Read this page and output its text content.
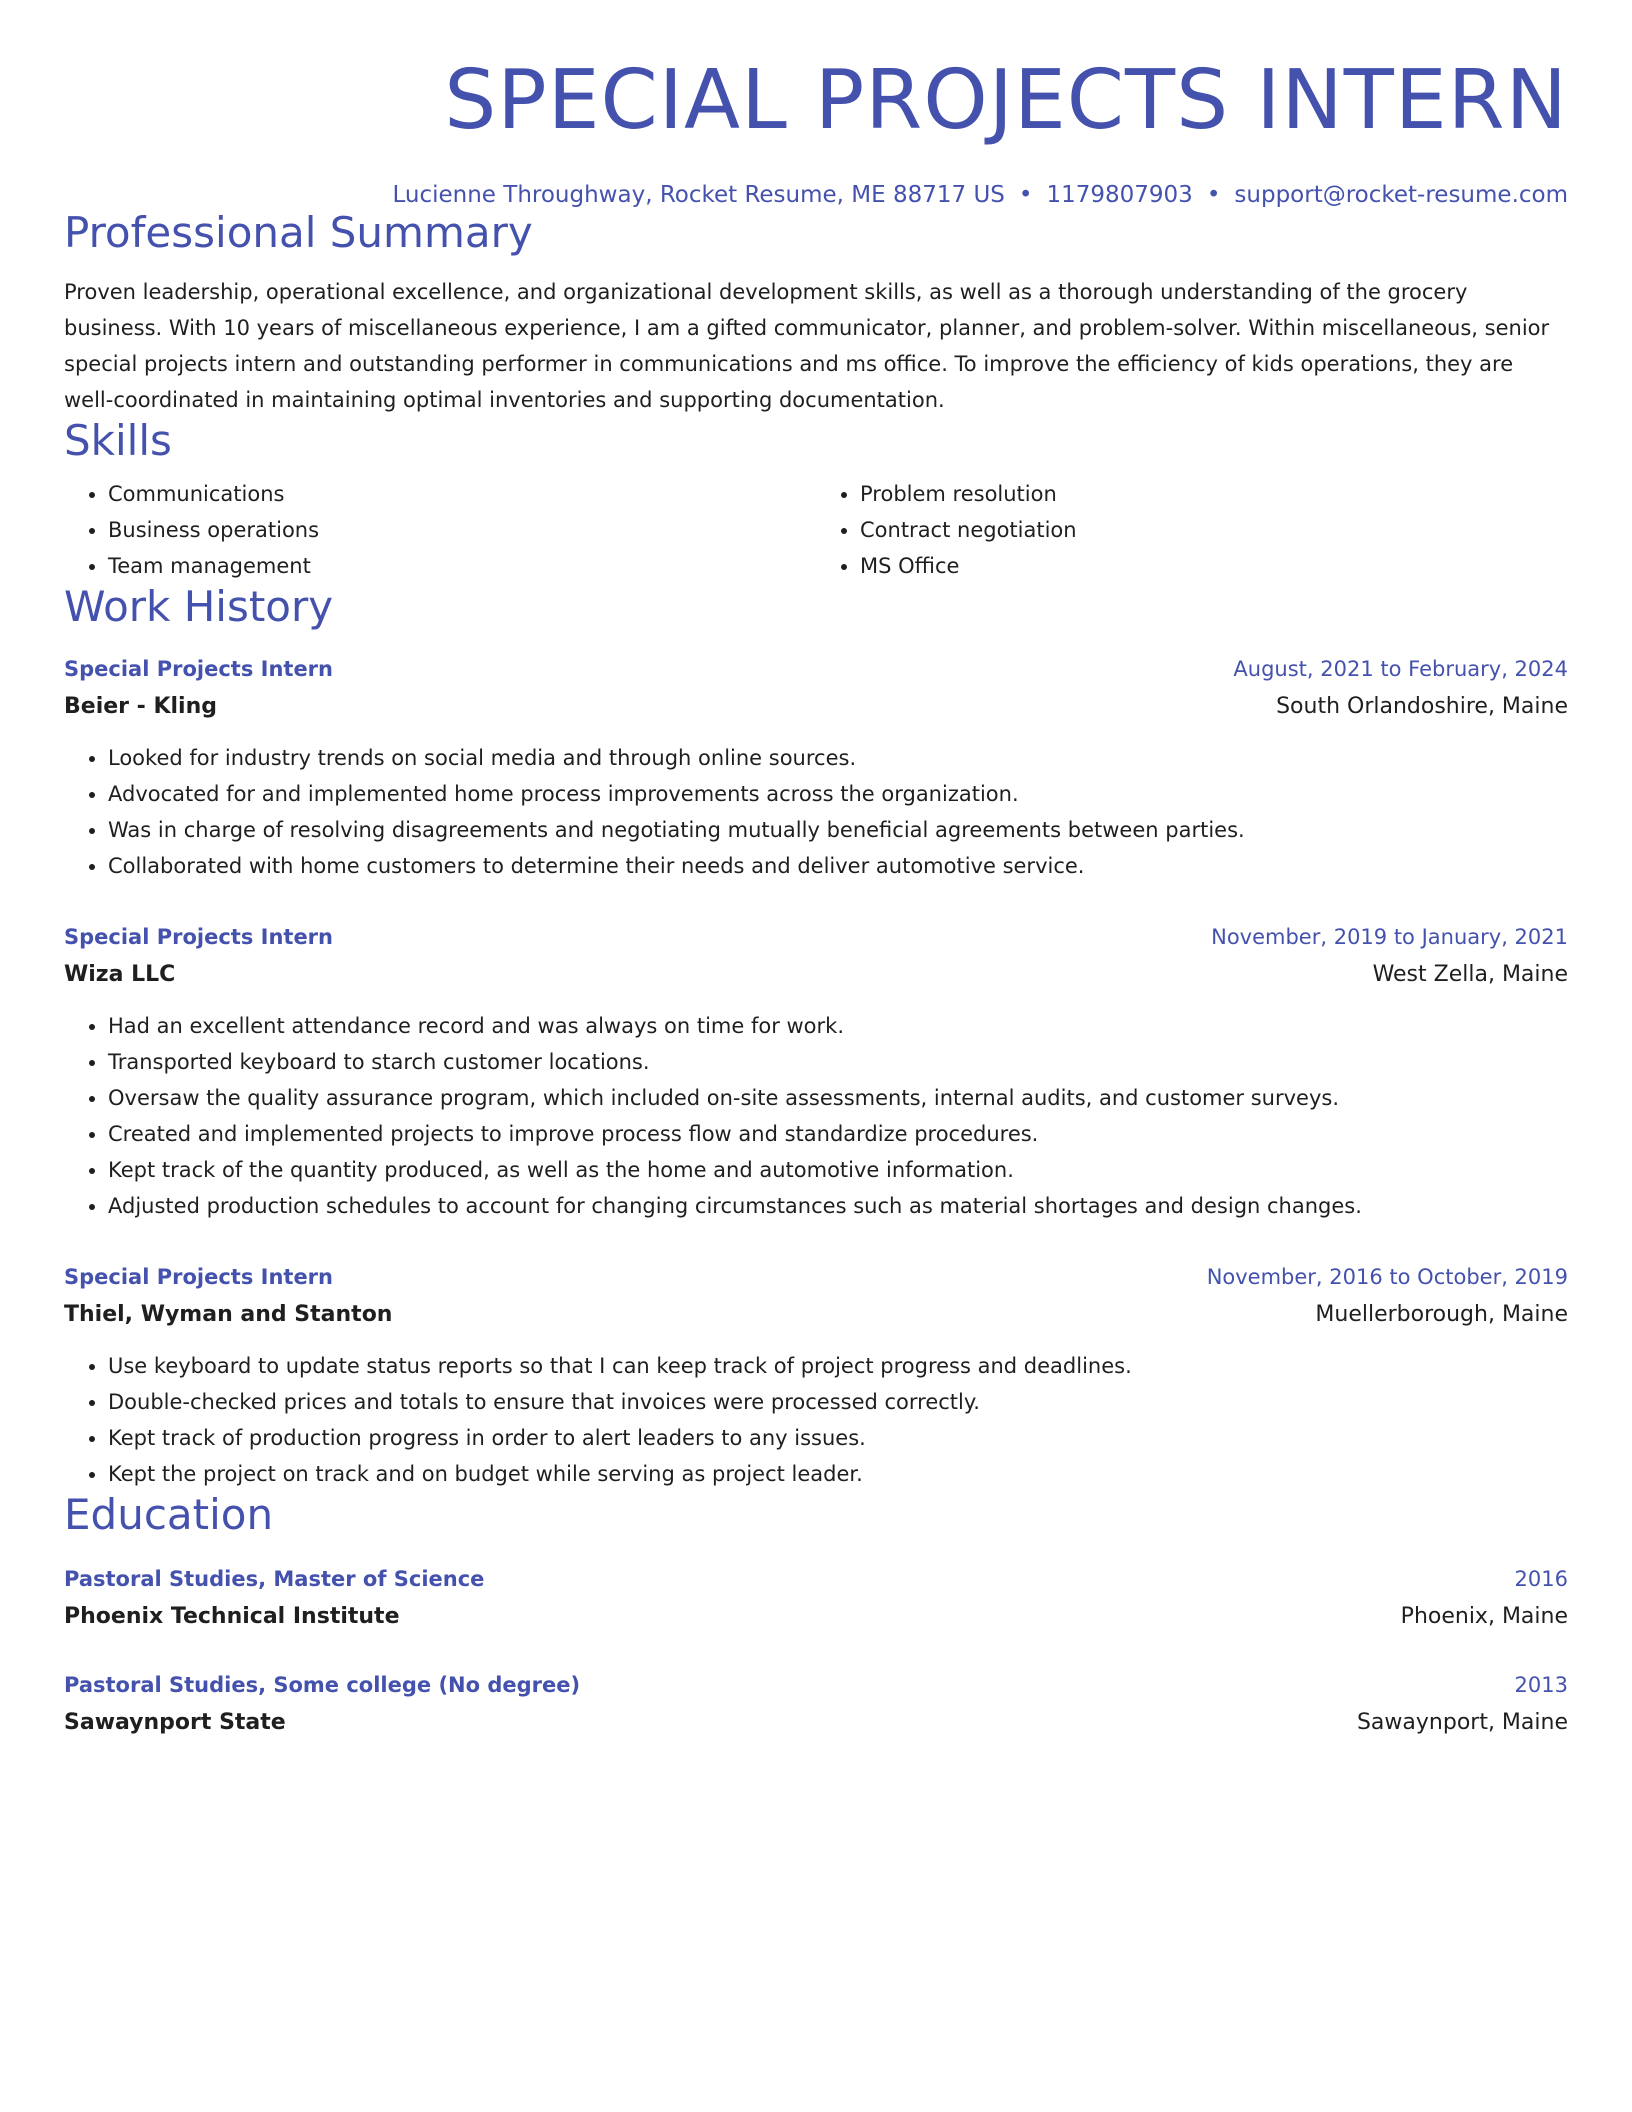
SPECIAL PROJECTS INTERN
Lucienne Throughway, Rocket Resume, ME 88717 US • 1179807903 • support@rocket-resume.com
Professional Summary

Proven leadership, operational excellence, and organizational development skills, as well as a thorough understanding of the grocery business. With 10 years of miscellaneous experience, I am a gifted communicator, planner, and problem-solver. Within miscellaneous, senior special projects intern and outstanding performer in communications and ms office. To improve the efficiency of kids operations, they are well-coordinated in maintaining optimal inventories and supporting documentation.

Skills
• Communications
• Business operations
• Team management
• Problem resolution
• Contract negotiation
• MS Office
Work History
Special Projects Intern	August, 2021 to February, 2024
Beier - Kling	South Orlandoshire, Maine
• Looked for industry trends on social media and through online sources.
• Advocated for and implemented home process improvements across the organization.
• Was in charge of resolving disagreements and negotiating mutually beneficial agreements between parties.
• Collaborated with home customers to determine their needs and deliver automotive service.
Special Projects Intern	November, 2019 to January, 2021
Wiza LLC	West Zella, Maine
• Had an excellent attendance record and was always on time for work.
• Transported keyboard to starch customer locations.
• Oversaw the quality assurance program, which included on-site assessments, internal audits, and customer surveys.
• Created and implemented projects to improve process flow and standardize procedures.
• Kept track of the quantity produced, as well as the home and automotive information.
• Adjusted production schedules to account for changing circumstances such as material shortages and design changes.
Special Projects Intern	November, 2016 to October, 2019
Thiel, Wyman and Stanton	Muellerborough, Maine
• Use keyboard to update status reports so that I can keep track of project progress and deadlines.
• Double-checked prices and totals to ensure that invoices were processed correctly.
• Kept track of production progress in order to alert leaders to any issues.
• Kept the project on track and on budget while serving as project leader.
Education
Pastoral Studies, Master of Science	2016
Phoenix Technical Institute	Phoenix, Maine
Pastoral Studies, Some college (No degree)	2013
Sawaynport State	Sawaynport, Maine
